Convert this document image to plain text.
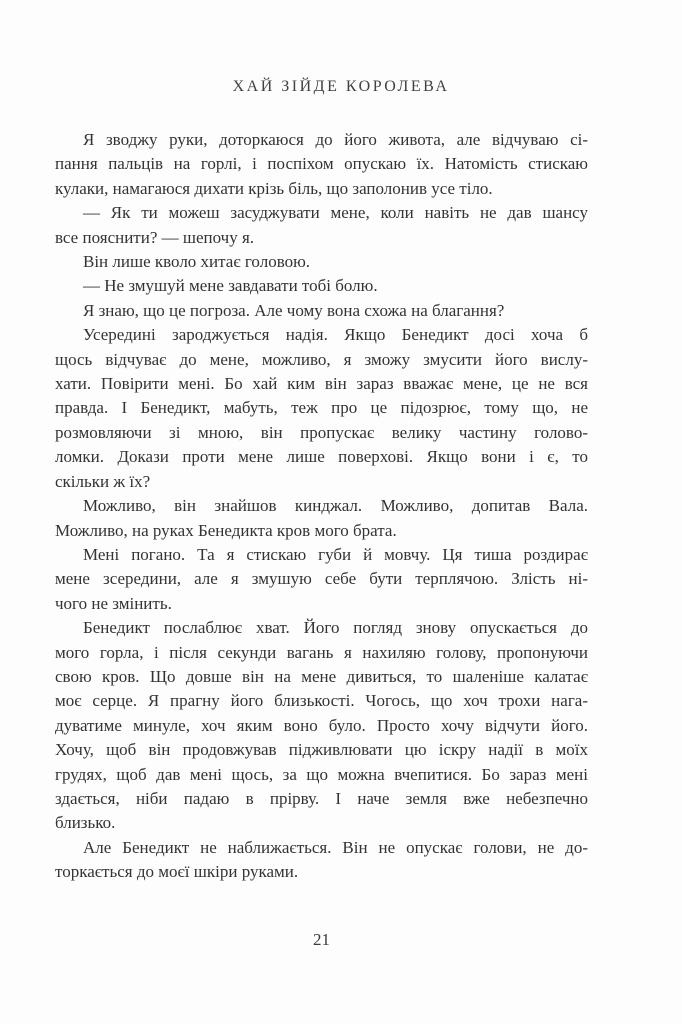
ХАЙ ЗІЙДЕ КОРОЛЕВА

Я зводжу руки, доторкаюся до його живота, але відчуваю сі-
пання пальців на горлі, і поспіхом опускаю їх. Натомість стискаю
кулаки, намагаюся дихати крізь біль, що заполонив усе тіло.

— Як ти можеш засуджувати мене, коли навіть не дав шансу
все пояснити? — шепочу я.

Він лише кволо хитає головою.

— Не змушуй мене завдавати тобі болю.

Я знаю, що це погроза. Але чому вона схожа на благання?

Усередині зароджується надія. Якщо Бенедикт досі хоча б
щось відчуває до мене, можливо, я зможу змусити його вислу-
хати. Повірити мені. Бо хай ким він зараз вважає мене, це не вся
правда. І Бенедикт, мабуть, теж про це підозрює, тому що, не
розмовляючи зі мною, він пропускає велику частину голово-
ломки. Докази проти мене лише поверхові. Якщо вони і є, то
скільки ж їх?

Можливо, він знайшов кинджал. Можливо, допитав Вала.
Можливо, на руках Бенедикта кров мого брата.

Мені погано. Та я стискаю губи й мовчу. Ця тиша роздирає
мене зсередини, але я змушую себе бути терплячою. Злість ні-
чого не змінить.

Бенедикт послаблює хват. Його погляд знову опускається до
мого горла, і після секунди вагань я нахиляю голову, пропонуючи
свою кров. Що довше він на мене дивиться, то шаленіше калатає
моє серце. Я прагну його близькості. Чогось, що хоч трохи нага-
дуватиме минуле, хоч яким воно було. Просто хочу відчути його.
Хочу, щоб він продовжував підживлювати цю іскру надії в моїх
грудях, щоб дав мені щось, за що можна вчепитися. Бо зараз мені
здається, ніби падаю в прірву. І наче земля вже небезпечно
близько.

Але Бенедикт не наближається. Він не опускає голови, не до-
торкається до моєї шкіри руками.

21
